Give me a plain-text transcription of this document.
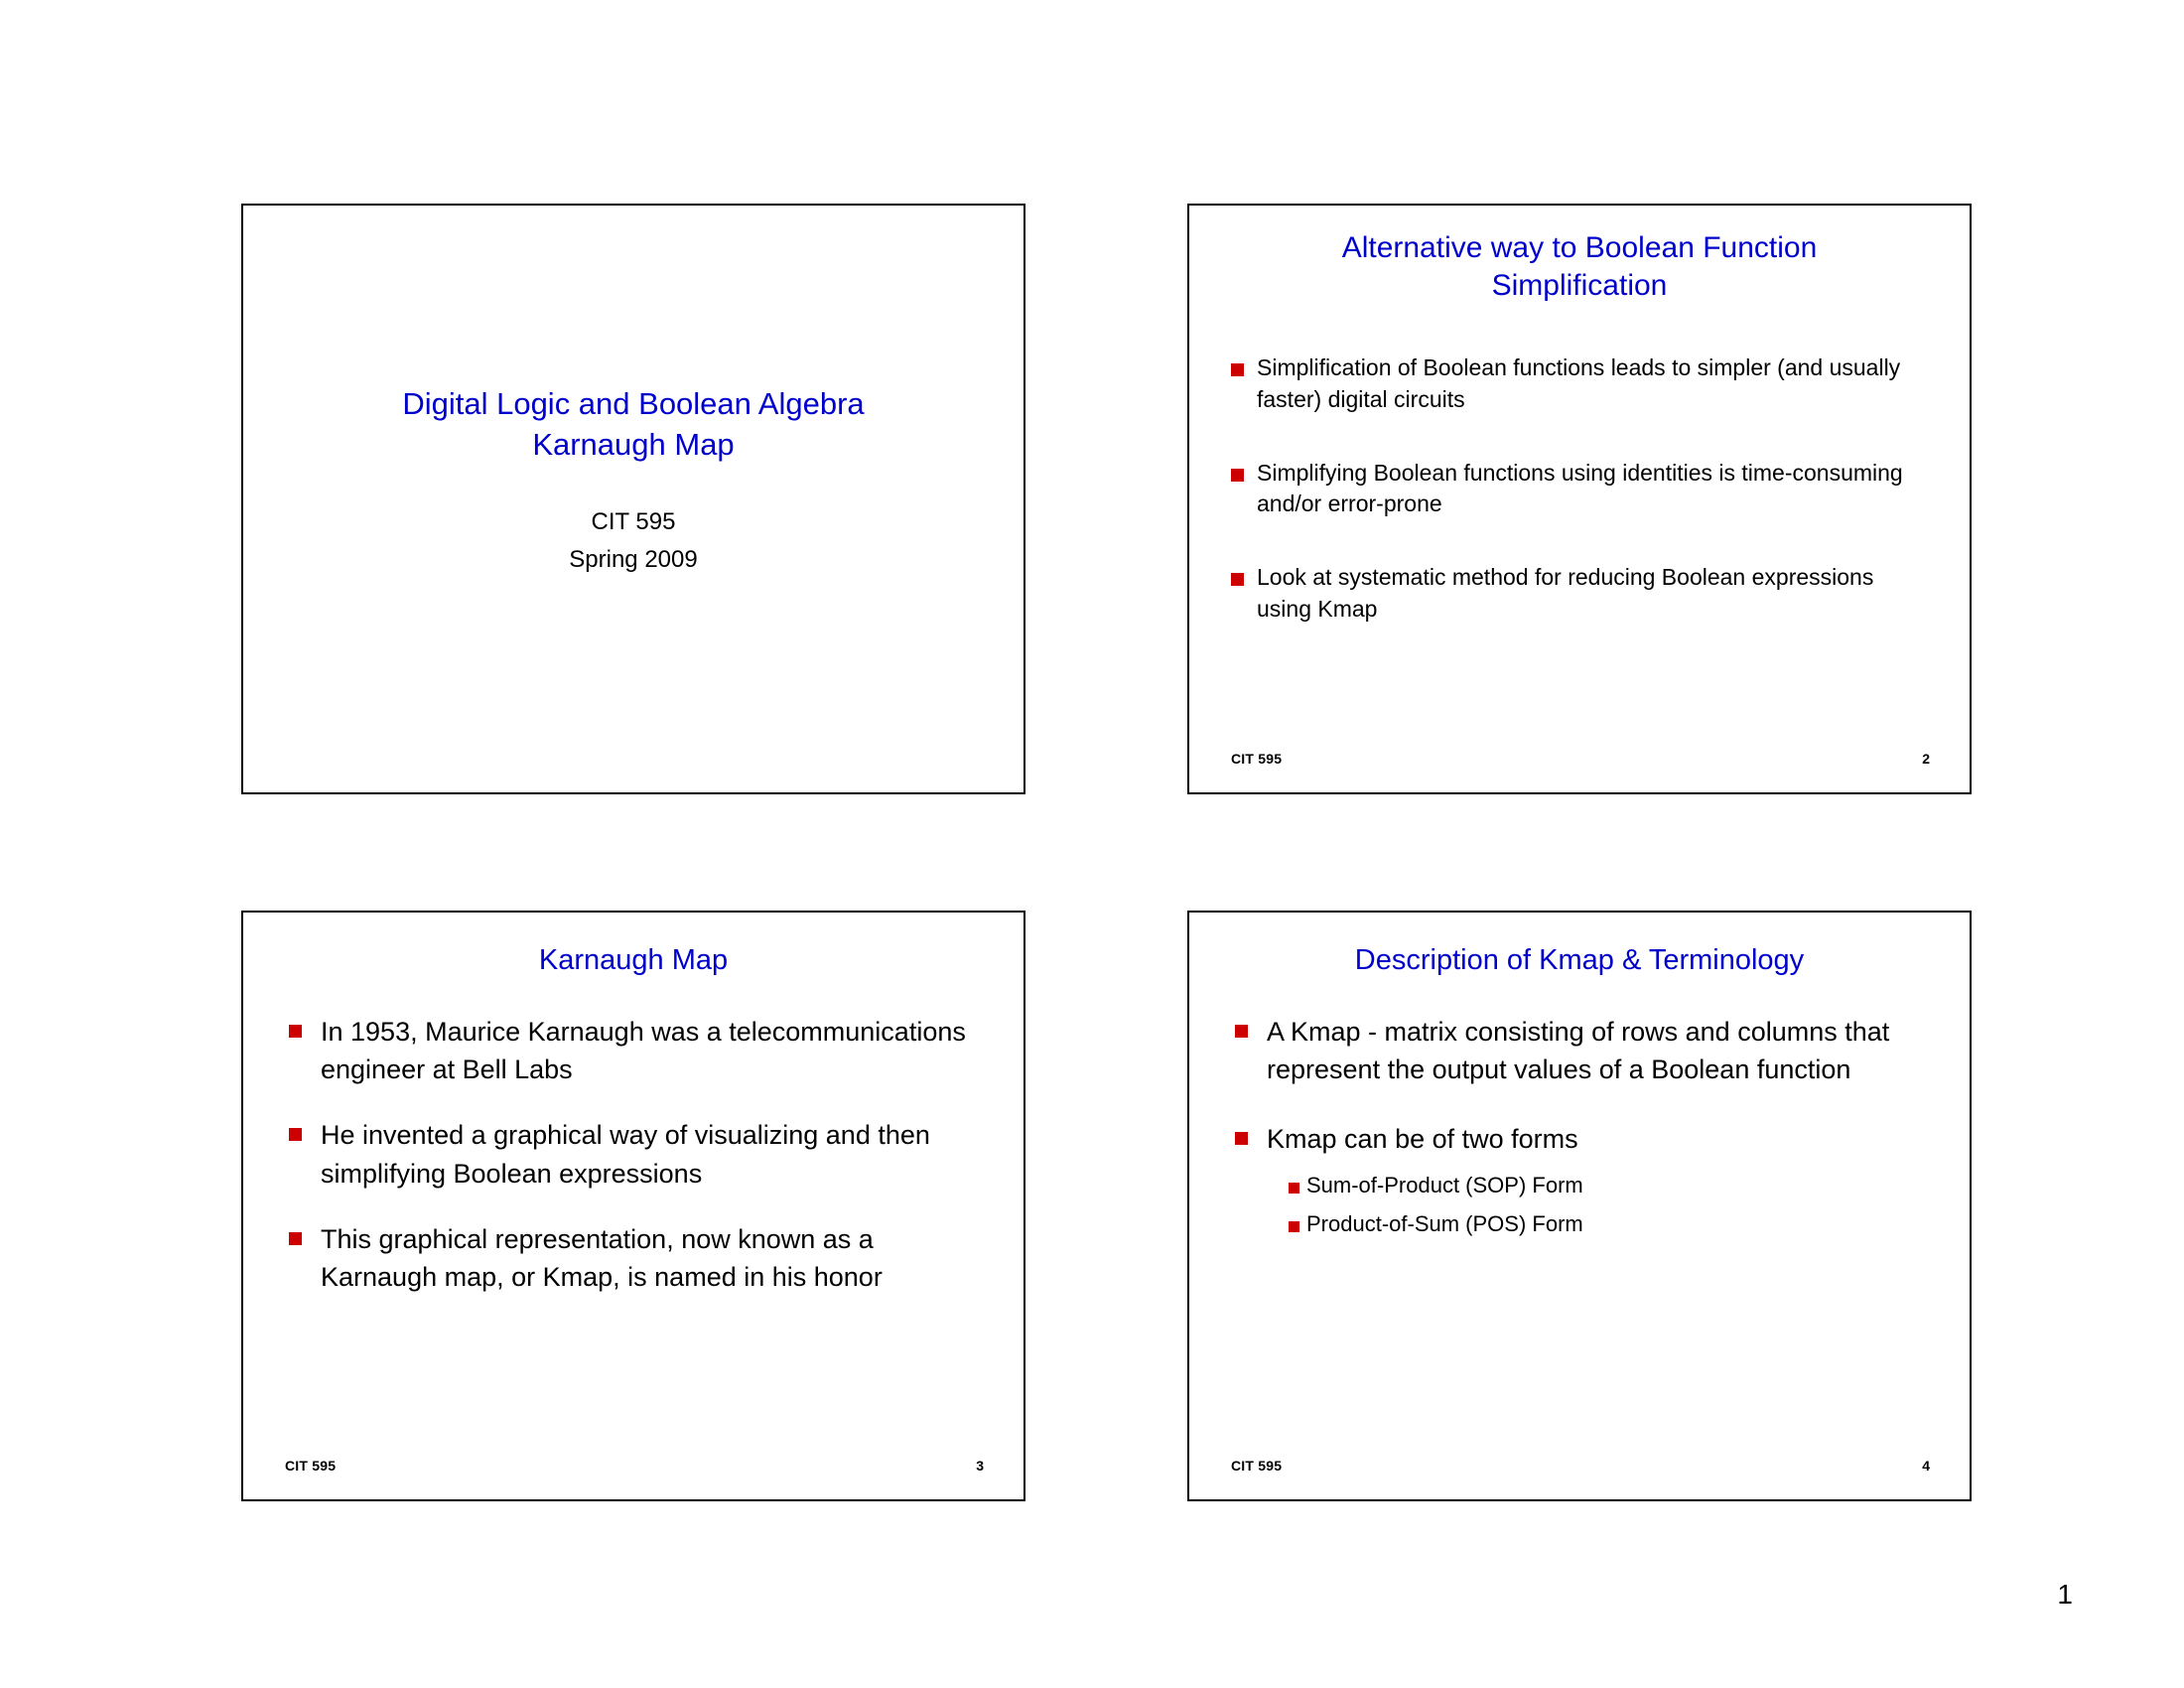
Digital Logic and Boolean Algebra
Karnaugh Map
CIT 595
Spring 2009
Alternative way to Boolean Function
Simplification
Simplification of Boolean functions leads to simpler (and usually faster) digital circuits
Simplifying Boolean functions using identities is time-consuming and/or error-prone
Look at systematic method for reducing Boolean expressions using Kmap
CIT 595	2
Karnaugh Map
In 1953, Maurice Karnaugh was a telecommunications engineer at Bell Labs
He invented a graphical way of visualizing and then simplifying Boolean expressions
This graphical representation, now known as a Karnaugh map, or Kmap, is named in his honor
CIT 595	3
Description of Kmap & Terminology
A Kmap - matrix consisting of rows and columns that represent the output values of a Boolean function
Kmap can be of two forms
Sum-of-Product (SOP) Form
Product-of-Sum (POS) Form
CIT 595	4
1
